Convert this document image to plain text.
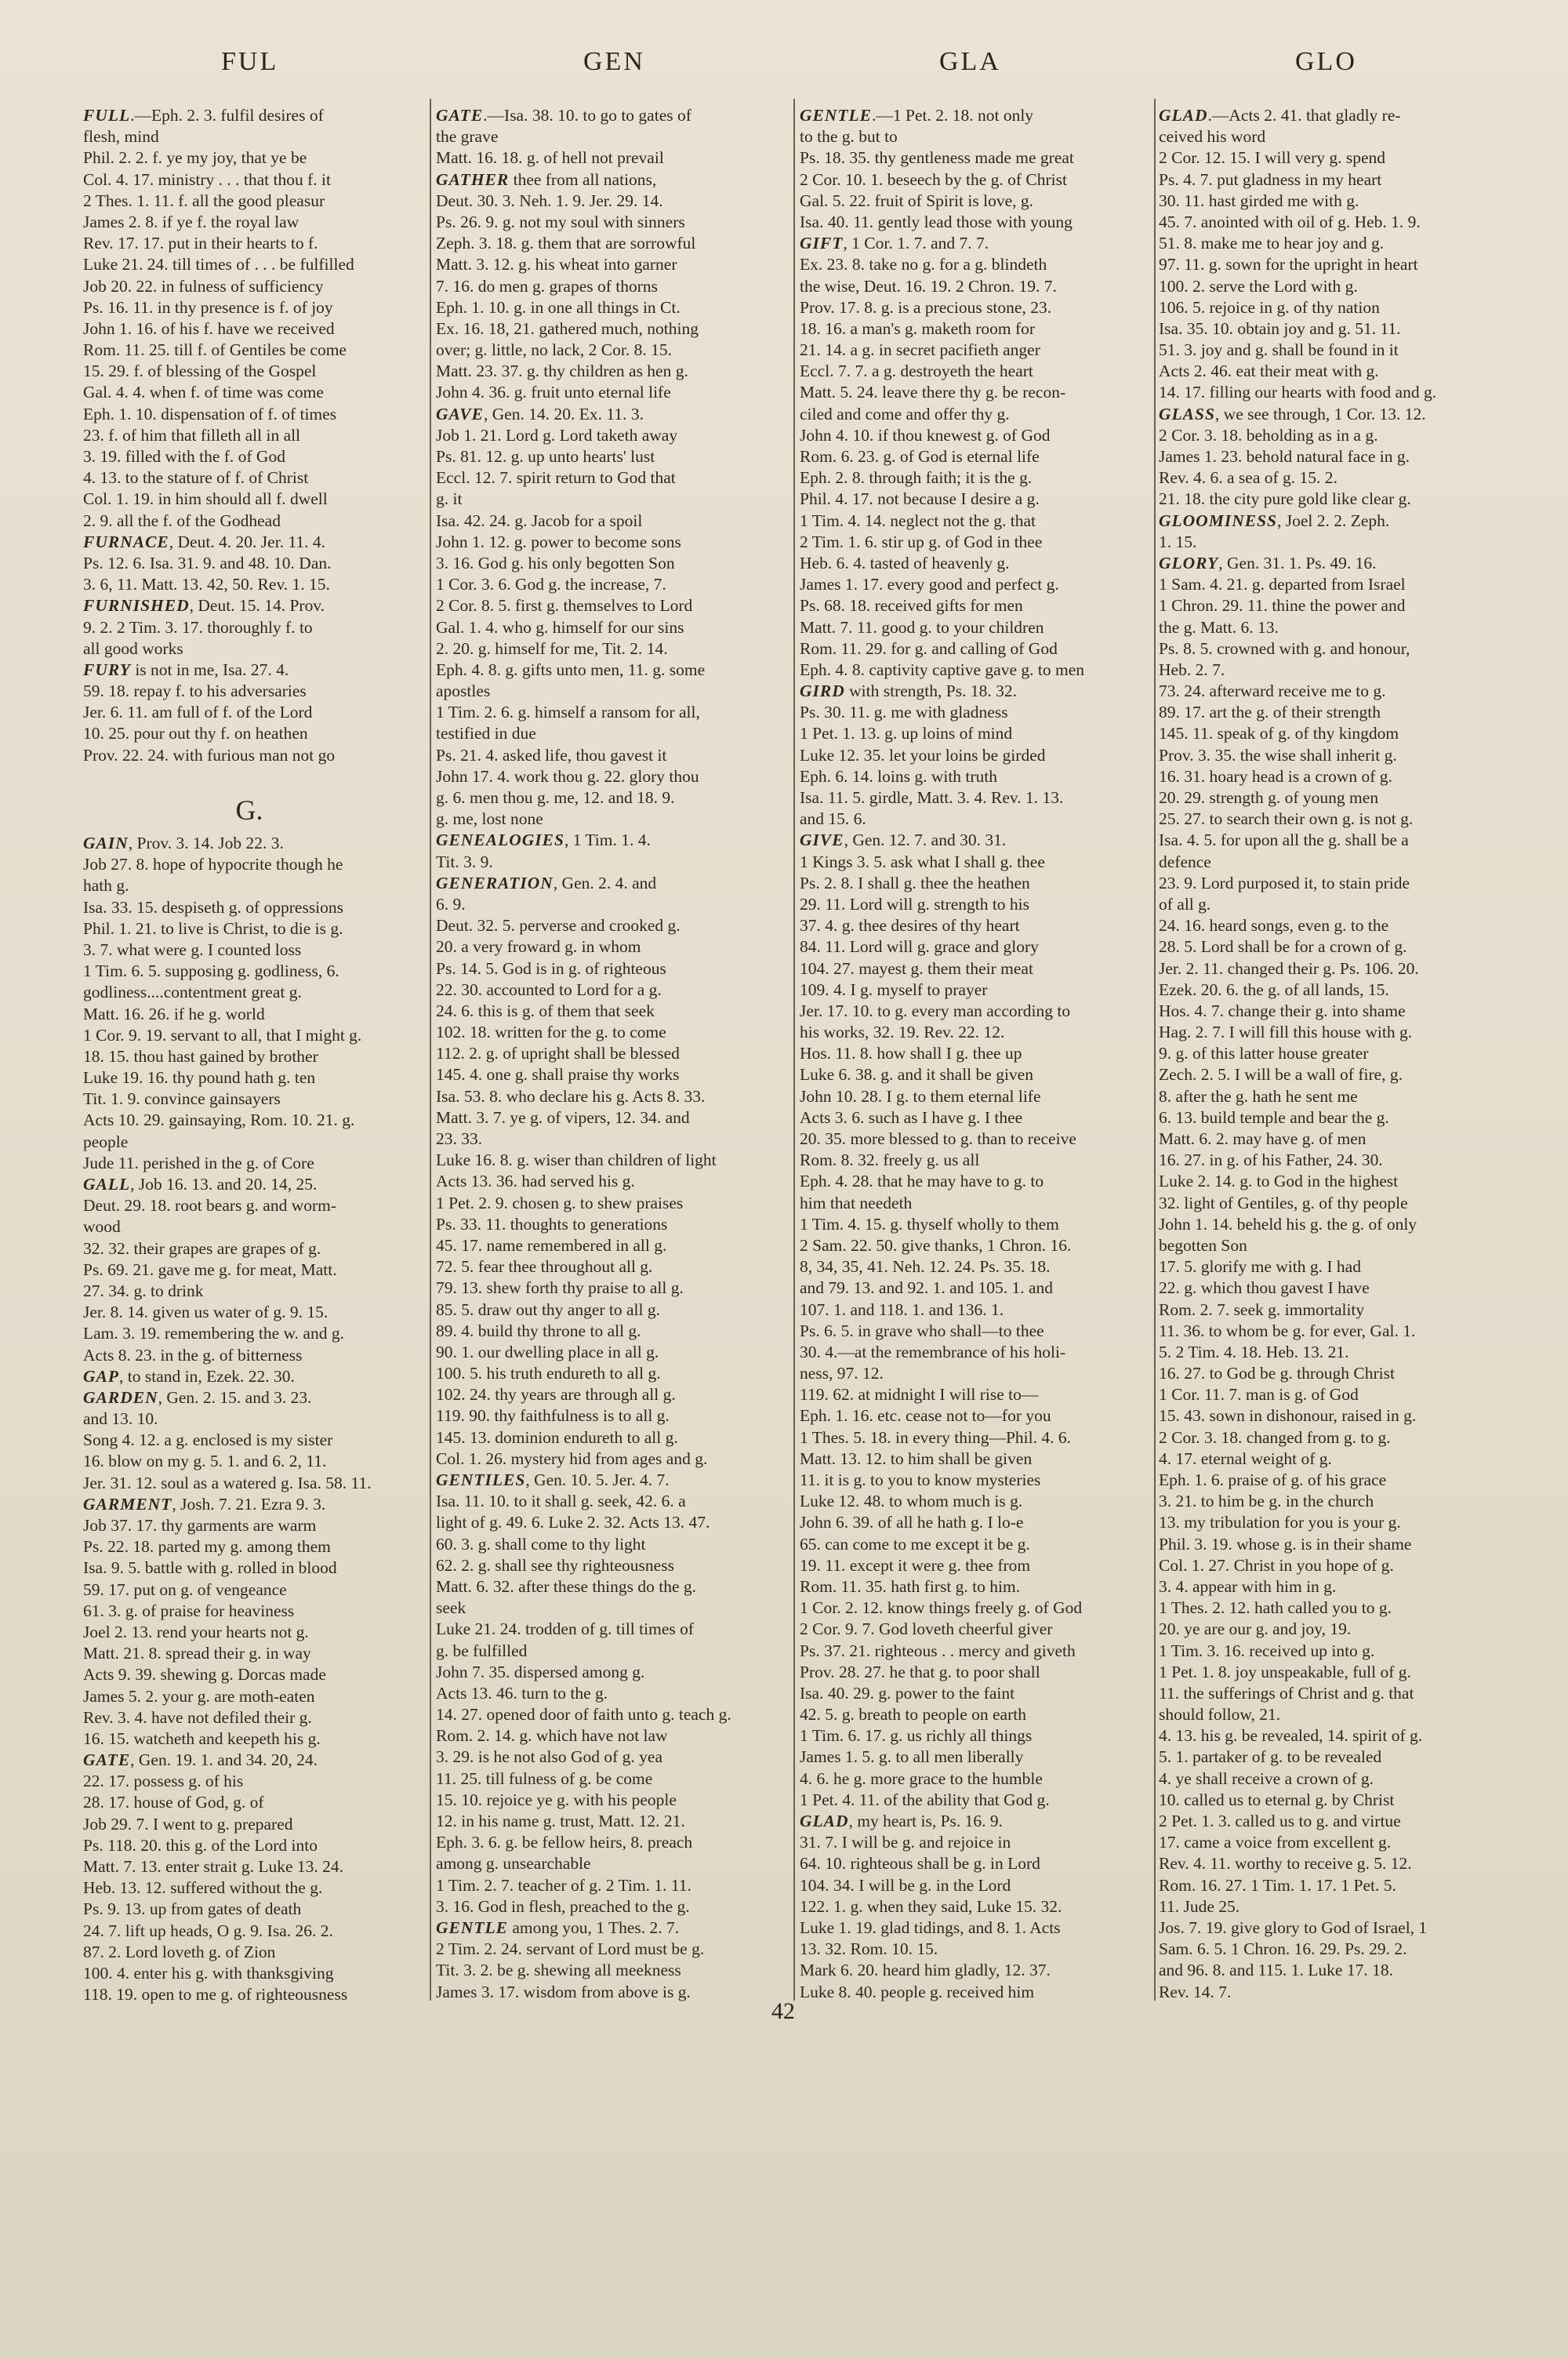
FUL	GEN	GLA	GLO
FULL.—Eph. 2. 3. fulfil desires of
flesh, mind
Phil. 2. 2. f. ye my joy, that ye be
Col. 4. 17. ministry . . . that thou f. it
2 Thes. 1. 11. f. all the good pleasur
James 2. 8. if ye f. the royal law
Rev. 17. 17. put in their hearts to f.
Luke 21. 24. till times of . . . be fulfilled
Job 20. 22. in fulness of sufficiency
Ps. 16. 11. in thy presence is f. of joy
John 1. 16. of his f. have we received
Rom. 11. 25. till f. of Gentiles be come
15. 29. f. of blessing of the Gospel
Gal. 4. 4. when f. of time was come
Eph. 1. 10. dispensation of f. of times
23. f. of him that filleth all in all
3. 19. filled with the f. of God
4. 13. to the stature of f. of Christ
Col. 1. 19. in him should all f. dwell
2. 9. all the f. of the Godhead
FURNACE, Deut. 4. 20. Jer. 11. 4.
Ps. 12. 6. Isa. 31. 9. and 48. 10. Dan.
3. 6, 11. Matt. 13. 42, 50. Rev. 1. 15.
FURNISHED, Deut. 15. 14. Prov.
9. 2. 2 Tim. 3. 17. thoroughly f. to
all good works
FURY is not in me, Isa. 27. 4.
59. 18. repay f. to his adversaries
Jer. 6. 11. am full of f. of the Lord
10. 25. pour out thy f. on heathen
Prov. 22. 24. with furious man not go
G.
GAIN, Prov. 3. 14. Job 22. 3.
Job 27. 8. hope of hypocrite though he
hath g.
Isa. 33. 15. despiseth g. of oppressions
Phil. 1. 21. to live is Christ, to die is g.
3. 7. what were g. I counted loss
1 Tim. 6. 5. supposing g. godliness, 6.
godliness....contentment great g.
Matt. 16. 26. if he g. world
1 Cor. 9. 19. servant to all, that I might g.
18. 15. thou hast gained by brother
Luke 19. 16. thy pound hath g. ten
Tit. 1. 9. convince gainsayers
Acts 10. 29. gainsaying, Rom. 10. 21. g.
people
Jude 11. perished in the g. of Core
GALL, Job 16. 13. and 20. 14, 25.
Deut. 29. 18. root bears g. and worm-
wood
32. 32. their grapes are grapes of g.
Ps. 69. 21. gave me g. for meat, Matt.
27. 34. g. to drink
Jer. 8. 14. given us water of g. 9. 15.
Lam. 3. 19. remembering the w. and g.
Acts 8. 23. in the g. of bitterness
GAP, to stand in, Ezek. 22. 30.
GARDEN, Gen. 2. 15. and 3. 23.
and 13. 10.
Song 4. 12. a g. enclosed is my sister
16. blow on my g. 5. 1. and 6. 2, 11.
Jer. 31. 12. soul as a watered g. Isa. 58. 11.
GARMENT, Josh. 7. 21. Ezra 9. 3.
Job 37. 17. thy garments are warm
Ps. 22. 18. parted my g. among them
Isa. 9. 5. battle with g. rolled in blood
59. 17. put on g. of vengeance
61. 3. g. of praise for heaviness
Joel 2. 13. rend your hearts not g.
Matt. 21. 8. spread their g. in way
Acts 9. 39. shewing g. Dorcas made
James 5. 2. your g. are moth-eaten
Rev. 3. 4. have not defiled their g.
16. 15. watcheth and keepeth his g.
GATE, Gen. 19. 1. and 34. 20, 24.
22. 17. possess g. of his
28. 17. house of God, g. of
Job 29. 7. I went to g. prepared
Ps. 118. 20. this g. of the Lord into
Matt. 7. 13. enter strait g. Luke 13. 24.
Heb. 13. 12. suffered without the g.
Ps. 9. 13. up from gates of death
24. 7. lift up heads, O g. 9. Isa. 26. 2.
87. 2. Lord loveth g. of Zion
100. 4. enter his g. with thanksgiving
118. 19. open to me g. of righteousness
GATE.—Isa. 38. 10. to go to gates of
the grave
Matt. 16. 18. g. of hell not prevail
GATHER thee from all nations,
Deut. 30. 3. Neh. 1. 9. Jer. 29. 14.
Ps. 26. 9. g. not my soul with sinners
Zeph. 3. 18. g. them that are sorrowful
Matt. 3. 12. g. his wheat into garner
7. 16. do men g. grapes of thorns
Eph. 1. 10. g. in one all things in Ct.
Ex. 16. 18, 21. gathered much, nothing
over; g. little, no lack, 2 Cor. 8. 15.
Matt. 23. 37. g. thy children as hen g.
John 4. 36. g. fruit unto eternal life
GAVE, Gen. 14. 20. Ex. 11. 3.
Job 1. 21. Lord g. Lord taketh away
Ps. 81. 12. g. up unto hearts' lust
Eccl. 12. 7. spirit return to God that
g. it
Isa. 42. 24. g. Jacob for a spoil
John 1. 12. g. power to become sons
3. 16. God g. his only begotten Son
1 Cor. 3. 6. God g. the increase, 7.
2 Cor. 8. 5. first g. themselves to Lord
Gal. 1. 4. who g. himself for our sins
2. 20. g. himself for me, Tit. 2. 14.
Eph. 4. 8. g. gifts unto men, 11. g. some
apostles
1 Tim. 2. 6. g. himself a ransom for all,
testified in due
Ps. 21. 4. asked life, thou gavest it
John 17. 4. work thou g. 22. glory thou
g. 6. men thou g. me, 12. and 18. 9.
g. me, lost none
GENEALOGIES, 1 Tim. 1. 4.
Tit. 3. 9.
GENERATION, Gen. 2. 4. and
6. 9.
Deut. 32. 5. perverse and crooked g.
20. a very froward g. in whom
Ps. 14. 5. God is in g. of righteous
22. 30. accounted to Lord for a g.
24. 6. this is g. of them that seek
102. 18. written for the g. to come
112. 2. g. of upright shall be blessed
145. 4. one g. shall praise thy works
Isa. 53. 8. who declare his g. Acts 8. 33.
Matt. 3. 7. ye g. of vipers, 12. 34. and
23. 33.
Luke 16. 8. g. wiser than children of light
Acts 13. 36. had served his g.
1 Pet. 2. 9. chosen g. to shew praises
Ps. 33. 11. thoughts to generations
45. 17. name remembered in all g.
72. 5. fear thee throughout all g.
79. 13. shew forth thy praise to all g.
85. 5. draw out thy anger to all g.
89. 4. build thy throne to all g.
90. 1. our dwelling place in all g.
100. 5. his truth endureth to all g.
102. 24. thy years are through all g.
119. 90. thy faithfulness is to all g.
145. 13. dominion endureth to all g.
Col. 1. 26. mystery hid from ages and g.
GENTILES, Gen. 10. 5. Jer. 4. 7.
Isa. 11. 10. to it shall g. seek, 42. 6. a
light of g. 49. 6. Luke 2. 32. Acts 13. 47.
60. 3. g. shall come to thy light
62. 2. g. shall see thy righteousness
Matt. 6. 32. after these things do the g.
seek
Luke 21. 24. trodden of g. till times of
g. be fulfilled
John 7. 35. dispersed among g.
Acts 13. 46. turn to the g.
14. 27. opened door of faith unto g. teach g.
Rom. 2. 14. g. which have not law
3. 29. is he not also God of g. yea
11. 25. till fulness of g. be come
15. 10. rejoice ye g. with his people
12. in his name g. trust, Matt. 12. 21.
Eph. 3. 6. g. be fellow heirs, 8. preach
among g. unsearchable
1 Tim. 2. 7. teacher of g. 2 Tim. 1. 11.
3. 16. God in flesh, preached to the g.
GENTLE among you, 1 Thes. 2. 7.
2 Tim. 2. 24. servant of Lord must be g.
Tit. 3. 2. be g. shewing all meekness
James 3. 17. wisdom from above is g.
GENTLE.—1 Pet. 2. 18. not only
to the g. but to
Ps. 18. 35. thy gentleness made me great
2 Cor. 10. 1. beseech by the g. of Christ
Gal. 5. 22. fruit of Spirit is love, g.
Isa. 40. 11. gently lead those with young
GIFT, 1 Cor. 1. 7. and 7. 7.
Ex. 23. 8. take no g. for a g. blindeth
the wise, Deut. 16. 19. 2 Chron. 19. 7.
Prov. 17. 8. g. is a precious stone, 23.
18. 16. a man's g. maketh room for
21. 14. a g. in secret pacifieth anger
Eccl. 7. 7. a g. destroyeth the heart
Matt. 5. 24. leave there thy g. be recon-
ciled and come and offer thy g.
John 4. 10. if thou knewest g. of God
Rom. 6. 23. g. of God is eternal life
Eph. 2. 8. through faith; it is the g.
Phil. 4. 17. not because I desire a g.
1 Tim. 4. 14. neglect not the g. that
2 Tim. 1. 6. stir up g. of God in thee
Heb. 6. 4. tasted of heavenly g.
James 1. 17. every good and perfect g.
Ps. 68. 18. received gifts for men
Matt. 7. 11. good g. to your children
Rom. 11. 29. for g. and calling of God
Eph. 4. 8. captivity captive gave g. to men
GIRD with strength, Ps. 18. 32.
Ps. 30. 11. g. me with gladness
1 Pet. 1. 13. g. up loins of mind
Luke 12. 35. let your loins be girded
Eph. 6. 14. loins g. with truth
Isa. 11. 5. girdle, Matt. 3. 4. Rev. 1. 13.
and 15. 6.
GIVE, Gen. 12. 7. and 30. 31.
1 Kings 3. 5. ask what I shall g. thee
Ps. 2. 8. I shall g. thee the heathen
29. 11. Lord will g. strength to his
37. 4. g. thee desires of thy heart
84. 11. Lord will g. grace and glory
104. 27. mayest g. them their meat
109. 4. I g. myself to prayer
Jer. 17. 10. to g. every man according to
his works, 32. 19. Rev. 22. 12.
Hos. 11. 8. how shall I g. thee up
Luke 6. 38. g. and it shall be given
John 10. 28. I g. to them eternal life
Acts 3. 6. such as I have g. I thee
20. 35. more blessed to g. than to receive
Rom. 8. 32. freely g. us all
Eph. 4. 28. that he may have to g. to
him that needeth
1 Tim. 4. 15. g. thyself wholly to them
2 Sam. 22. 50. give thanks, 1 Chron. 16.
8, 34, 35, 41. Neh. 12. 24. Ps. 35. 18.
and 79. 13. and 92. 1. and 105. 1. and
107. 1. and 118. 1. and 136. 1.
Ps. 6. 5. in grave who shall—to thee
30. 4.—at the remembrance of his holi-
ness, 97. 12.
119. 62. at midnight I will rise to—
Eph. 1. 16. etc. cease not to—for you
1 Thes. 5. 18. in every thing—Phil. 4. 6.
Matt. 13. 12. to him shall be given
11. it is g. to you to know mysteries
Luke 12. 48. to whom much is g.
John 6. 39. of all he hath g. I lo-e
65. can come to me except it be g.
19. 11. except it were g. thee from
Rom. 11. 35. hath first g. to him.
1 Cor. 2. 12. know things freely g. of God
2 Cor. 9. 7. God loveth cheerful giver
Ps. 37. 21. righteous . . mercy and giveth
Prov. 28. 27. he that g. to poor shall
Isa. 40. 29. g. power to the faint
42. 5. g. breath to people on earth
1 Tim. 6. 17. g. us richly all things
James 1. 5. g. to all men liberally
4. 6. he g. more grace to the humble
1 Pet. 4. 11. of the ability that God g.
GLAD, my heart is, Ps. 16. 9.
31. 7. I will be g. and rejoice in
64. 10. righteous shall be g. in Lord
104. 34. I will be g. in the Lord
122. 1. g. when they said, Luke 15. 32.
Luke 1. 19. glad tidings, and 8. 1. Acts
13. 32. Rom. 10. 15.
Mark 6. 20. heard him gladly, 12. 37.
Luke 8. 40. people g. received him
GLAD.—Acts 2. 41. that gladly re-
ceived his word
2 Cor. 12. 15. I will very g. spend
Ps. 4. 7. put gladness in my heart
30. 11. hast girded me with g.
45. 7. anointed with oil of g. Heb. 1. 9.
51. 8. make me to hear joy and g.
97. 11. g. sown for the upright in heart
100. 2. serve the Lord with g.
106. 5. rejoice in g. of thy nation
Isa. 35. 10. obtain joy and g. 51. 11.
51. 3. joy and g. shall be found in it
Acts 2. 46. eat their meat with g.
14. 17. filling our hearts with food and g.
GLASS, we see through, 1 Cor. 13. 12.
2 Cor. 3. 18. beholding as in a g.
James 1. 23. behold natural face in g.
Rev. 4. 6. a sea of g. 15. 2.
21. 18. the city pure gold like clear g.
GLOOMINESS, Joel 2. 2. Zeph.
1. 15.
GLORY, Gen. 31. 1. Ps. 49. 16.
1 Sam. 4. 21. g. departed from Israel
1 Chron. 29. 11. thine the power and
the g. Matt. 6. 13.
Ps. 8. 5. crowned with g. and honour,
Heb. 2. 7.
73. 24. afterward receive me to g.
89. 17. art the g. of their strength
145. 11. speak of g. of thy kingdom
Prov. 3. 35. the wise shall inherit g.
16. 31. hoary head is a crown of g.
20. 29. strength g. of young men
25. 27. to search their own g. is not g.
Isa. 4. 5. for upon all the g. shall be a
defence
23. 9. Lord purposed it, to stain pride
of all g.
24. 16. heard songs, even g. to the
28. 5. Lord shall be for a crown of g.
Jer. 2. 11. changed their g. Ps. 106. 20.
Ezek. 20. 6. the g. of all lands, 15.
Hos. 4. 7. change their g. into shame
Hag. 2. 7. I will fill this house with g.
9. g. of this latter house greater
Zech. 2. 5. I will be a wall of fire, g.
8. after the g. hath he sent me
6. 13. build temple and bear the g.
Matt. 6. 2. may have g. of men
16. 27. in g. of his Father, 24. 30.
Luke 2. 14. g. to God in the highest
32. light of Gentiles, g. of thy people
John 1. 14. beheld his g. the g. of only
begotten Son
17. 5. glorify me with g. I had
22. g. which thou gavest I have
Rom. 2. 7. seek g. immortality
11. 36. to whom be g. for ever, Gal. 1.
5. 2 Tim. 4. 18. Heb. 13. 21.
16. 27. to God be g. through Christ
1 Cor. 11. 7. man is g. of God
15. 43. sown in dishonour, raised in g.
2 Cor. 3. 18. changed from g. to g.
4. 17. eternal weight of g.
Eph. 1. 6. praise of g. of his grace
3. 21. to him be g. in the church
13. my tribulation for you is your g.
Phil. 3. 19. whose g. is in their shame
Col. 1. 27. Christ in you hope of g.
3. 4. appear with him in g.
1 Thes. 2. 12. hath called you to g.
20. ye are our g. and joy, 19.
1 Tim. 3. 16. received up into g.
1 Pet. 1. 8. joy unspeakable, full of g.
11. the sufferings of Christ and g. that
should follow, 21.
4. 13. his g. be revealed, 14. spirit of g.
5. 1. partaker of g. to be revealed
4. ye shall receive a crown of g.
10. called us to eternal g. by Christ
2 Pet. 1. 3. called us to g. and virtue
17. came a voice from excellent g.
Rev. 4. 11. worthy to receive g. 5. 12.
Rom. 16. 27. 1 Tim. 1. 17. 1 Pet. 5.
11. Jude 25.
Jos. 7. 19. give glory to God of Israel, 1
Sam. 6. 5. 1 Chron. 16. 29. Ps. 29. 2.
and 96. 8. and 115. 1. Luke 17. 18.
Rev. 14. 7.
42
